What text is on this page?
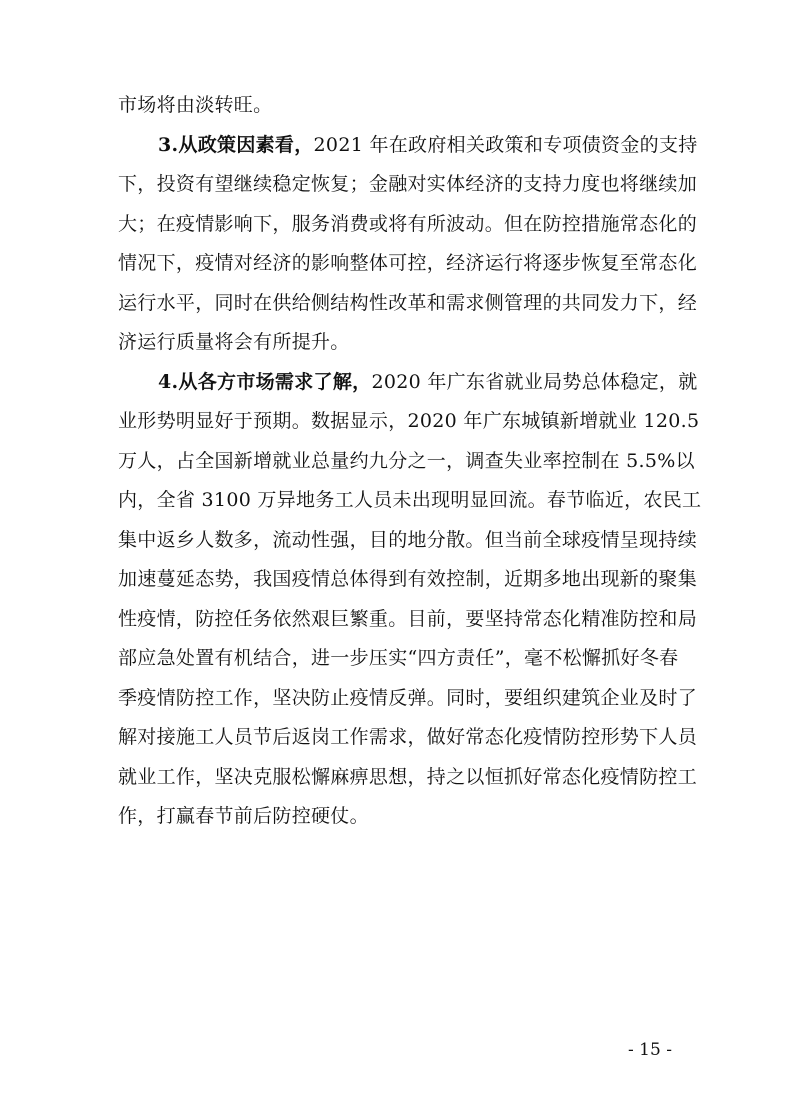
市场将由淡转旺。
3.从政策因素看，2021 年在政府相关政策和专项债资金的支持
下，投资有望继续稳定恢复；金融对实体经济的支持力度也将继续加
大；在疫情影响下，服务消费或将有所波动。但在防控措施常态化的
情况下，疫情对经济的影响整体可控，经济运行将逐步恢复至常态化
运行水平，同时在供给侧结构性改革和需求侧管理的共同发力下，经
济运行质量将会有所提升。
4.从各方市场需求了解，2020 年广东省就业局势总体稳定，就
业形势明显好于预期。数据显示，2020 年广东城镇新增就业 120.5
万人，占全国新增就业总量约九分之一，调查失业率控制在 5.5%以
内，全省 3100 万异地务工人员未出现明显回流。春节临近，农民工
集中返乡人数多，流动性强，目的地分散。但当前全球疫情呈现持续
加速蔓延态势，我国疫情总体得到有效控制，近期多地出现新的聚集
性疫情，防控任务依然艰巨繁重。目前，要坚持常态化精准防控和局
部应急处置有机结合，进一步压实“四方责任”，毫不松懈抓好冬春
季疫情防控工作，坚决防止疫情反弹。同时，要组织建筑企业及时了
解对接施工人员节后返岗工作需求，做好常态化疫情防控形势下人员
就业工作，坚决克服松懈麻痹思想，持之以恒抓好常态化疫情防控工
作，打赢春节前后防控硬仗。
- 15 -
